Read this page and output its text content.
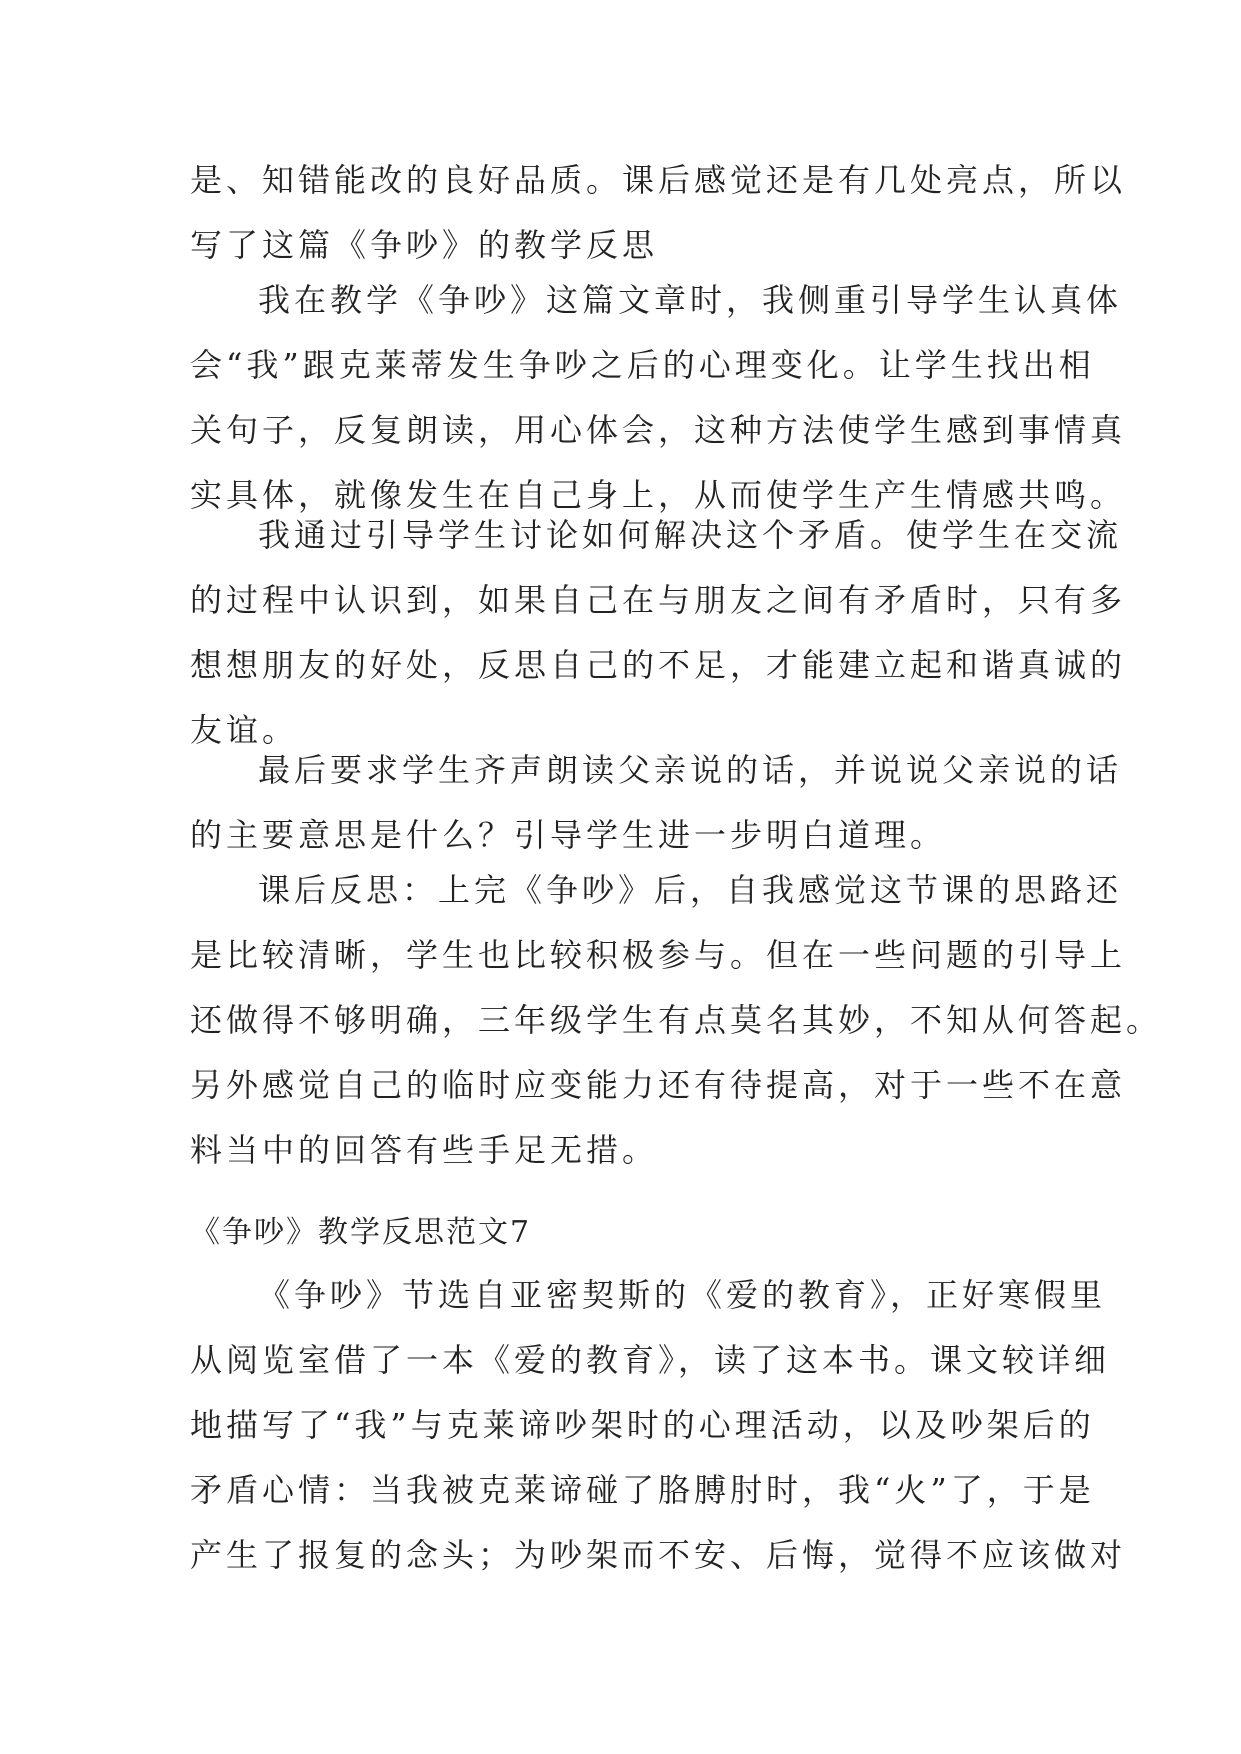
是、知错能改的良好品质。课后感觉还是有几处亮点，所以
写了这篇《争吵》的教学反思
我在教学《争吵》这篇文章时，我侧重引导学生认真体
会“我”跟克莱蒂发生争吵之后的心理变化。让学生找出相
关句子，反复朗读，用心体会，这种方法使学生感到事情真
实具体，就像发生在自己身上，从而使学生产生情感共鸣。
我通过引导学生讨论如何解决这个矛盾。使学生在交流
的过程中认识到，如果自己在与朋友之间有矛盾时，只有多
想想朋友的好处，反思自己的不足，才能建立起和谐真诚的
友谊。
最后要求学生齐声朗读父亲说的话，并说说父亲说的话
的主要意思是什么？引导学生进一步明白道理。
课后反思：上完《争吵》后，自我感觉这节课的思路还
是比较清晰，学生也比较积极参与。但在一些问题的引导上
还做得不够明确，三年级学生有点莫名其妙，不知从何答起。
另外感觉自己的临时应变能力还有待提高，对于一些不在意
料当中的回答有些手足无措。
《争吵》教学反思范文7
《争吵》节选自亚密契斯的《爱的教育》，正好寒假里
从阅览室借了一本《爱的教育》，读了这本书。课文较详细
地描写了“我”与克莱谛吵架时的心理活动，以及吵架后的
矛盾心情：当我被克莱谛碰了胳膊肘时，我“火”了，于是
产生了报复的念头；为吵架而不安、后悔，觉得不应该做对
